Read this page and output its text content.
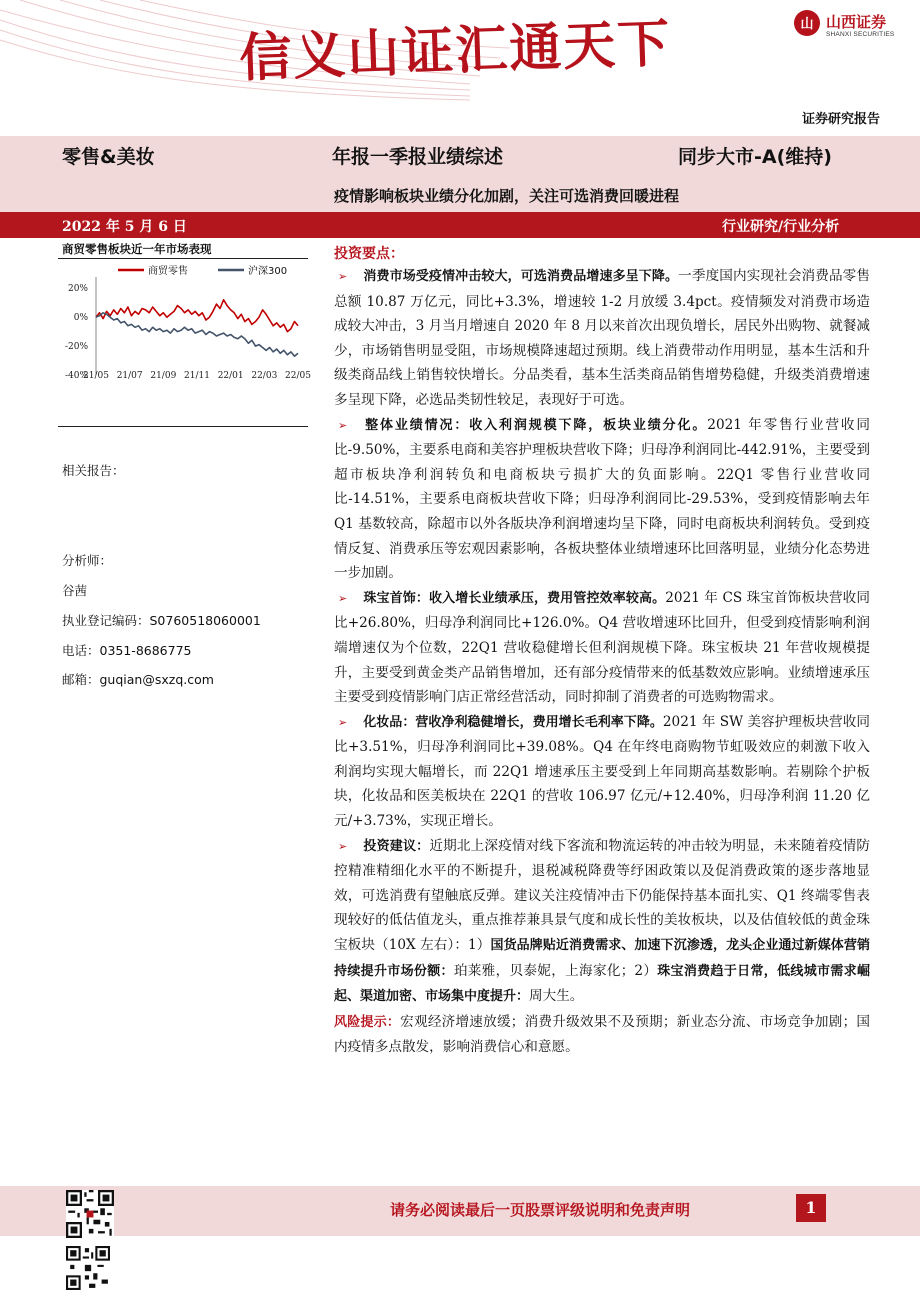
信义山证汇通天下	山 山西证券
SHANXI SECURITIES
证券研究报告
零售&美妆	年报一季报业绩综述	同步大市-A(维持)
疫情影响板块业绩分化加剧，关注可选消费回暖进程
2022 年 5 月 6 日	行业研究/行业分析
商贸零售板块近一年市场表现
商贸零售	沪深300
20%
0%
-20%
-40%
21/05 21/07 21/09 21/11 22/01 22/03 22/05
相关报告：
分析师：
谷茜
执业登记编码：S0760518060001
电话：0351-8686775
邮箱：guqian@sxzq.com
投资要点：

➢ 消费市场受疫情冲击较大，可选消费品增速多呈下降。一季度国内实现社会消费品零售总额 10.87 万亿元，同比+3.3%，增速较 1-2 月放缓 3.4pct。疫情频发对消费市场造成较大冲击，3 月当月增速自 2020 年 8 月以来首次出现负增长，居民外出购物、就餐减少，市场销售明显受阻，市场规模降速超过预期。线上消费带动作用明显，基本生活和升级类商品线上销售较快增长。分品类看，基本生活类商品销售增势稳健，升级类消费增速多呈现下降，必选品类韧性较足，表现好于可选。

➢ 整体业绩情况：收入利润规模下降，板块业绩分化。2021 年零售行业营收同比-9.50%，主要系电商和美容护理板块营收下降；归母净利润同比-442.91%，主要受到超市板块净利润转负和电商板块亏损扩大的负面影响。22Q1 零售行业营收同比-14.51%，主要系电商板块营收下降；归母净利润同比-29.53%，受到疫情影响去年 Q1 基数较高，除超市以外各版块净利润增速均呈下降，同时电商板块利润转负。受到疫情反复、消费承压等宏观因素影响，各板块整体业绩增速环比回落明显，业绩分化态势进一步加剧。

➢ 珠宝首饰：收入增长业绩承压，费用管控效率较高。2021 年 CS 珠宝首饰板块营收同比+26.80%，归母净利润同比+126.0%。Q4 营收增速环比回升，但受到疫情影响利润端增速仅为个位数，22Q1 营收稳健增长但利润规模下降。珠宝板块 21 年营收规模提升，主要受到黄金类产品销售增加，还有部分疫情带来的低基数效应影响。业绩增速承压主要受到疫情影响门店正常经营活动，同时抑制了消费者的可选购物需求。

➢ 化妆品：营收净利稳健增长，费用增长毛利率下降。2021 年 SW 美容护理板块营收同比+3.51%，归母净利润同比+39.08%。Q4 在年终电商购物节虹吸效应的刺激下收入利润均实现大幅增长，而 22Q1 增速承压主要受到上年同期高基数影响。若剔除个护板块，化妆品和医美板块在 22Q1 的营收 106.97 亿元/+12.40%，归母净利润 11.20 亿元/+3.73%，实现正增长。

➢ 投资建议：近期北上深疫情对线下客流和物流运转的冲击较为明显，未来随着疫情防控精准精细化水平的不断提升，退税减税降费等纾困政策以及促消费政策的逐步落地显效，可选消费有望触底反弹。建议关注疫情冲击下仍能保持基本面扎实、Q1 终端零售表现较好的低估值龙头，重点推荐兼具景气度和成长性的美妆板块，以及估值较低的黄金珠宝板块（10X 左右）：1）国货品牌贴近消费需求、加速下沉渗透，龙头企业通过新媒体营销持续提升市场份额：珀莱雅，贝泰妮，上海家化；2）珠宝消费趋于日常，低线城市需求崛起、渠道加密、市场集中度提升：周大生。

风险提示：宏观经济增速放缓；消费升级效果不及预期；新业态分流、市场竞争加剧；国内疫情多点散发，影响消费信心和意愿。

请务必阅读最后一页股票评级说明和免责声明	1
